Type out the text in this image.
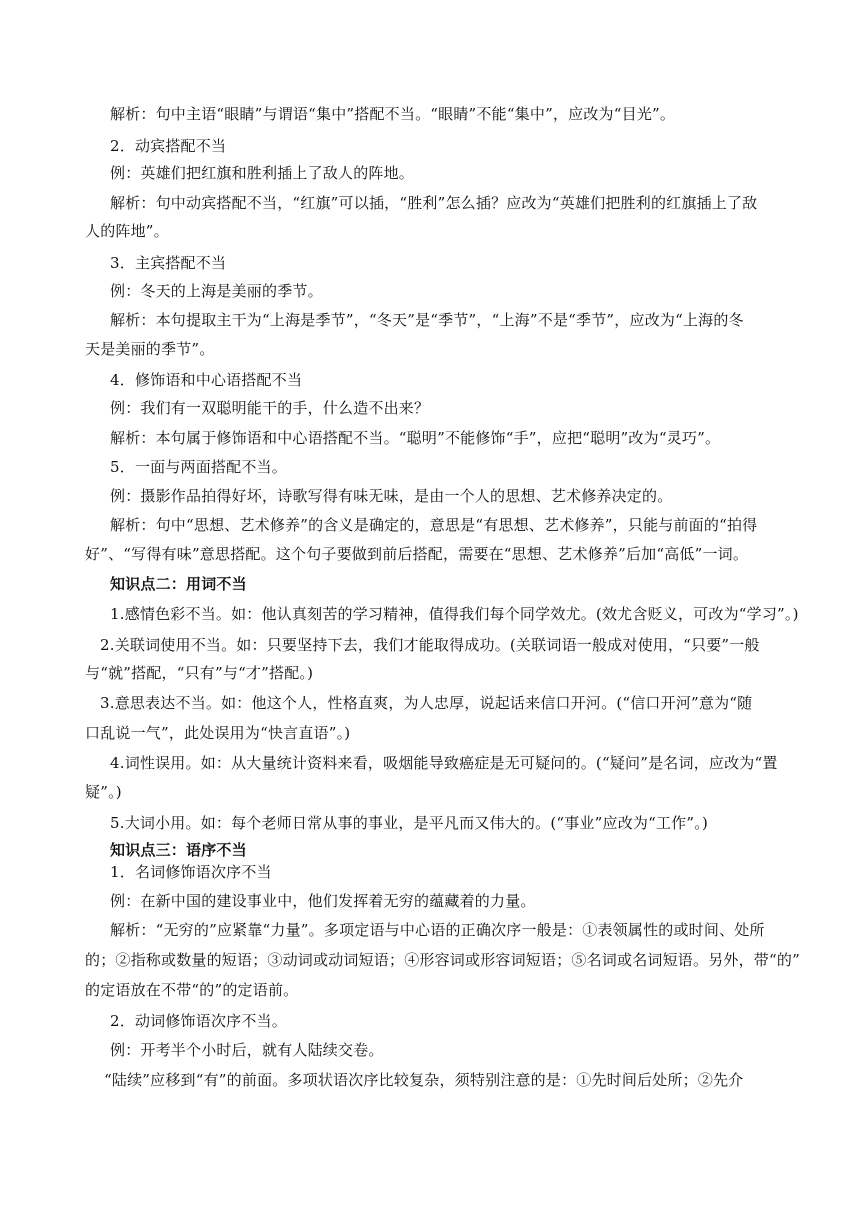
解析：句中主语“眼睛”与谓语“集中”搭配不当。“眼睛”不能“集中”，应改为“目光”。
2．动宾搭配不当
例：英雄们把红旗和胜利插上了敌人的阵地。
解析：句中动宾搭配不当，“红旗”可以插，“胜利”怎么插？应改为“英雄们把胜利的红旗插上了敌
人的阵地”。
3．主宾搭配不当
例：冬天的上海是美丽的季节。
解析：本句提取主干为“上海是季节”，“冬天”是“季节”，“上海”不是“季节”，应改为“上海的冬
天是美丽的季节”。
4．修饰语和中心语搭配不当
例：我们有一双聪明能干的手，什么造不出来？
解析：本句属于修饰语和中心语搭配不当。“聪明”不能修饰“手”，应把“聪明”改为“灵巧”。
5．一面与两面搭配不当。
例：摄影作品拍得好坏，诗歌写得有味无味，是由一个人的思想、艺术修养决定的。
解析：句中“思想、艺术修养”的含义是确定的，意思是“有思想、艺术修养”，只能与前面的“拍得
好”、“写得有味”意思搭配。这个句子要做到前后搭配，需要在“思想、艺术修养”后加“高低”一词。
知识点二：用词不当
1.感情色彩不当。如：他认真刻苦的学习精神，值得我们每个同学效尤。(效尤含贬义，可改为“学习”。)
2.关联词使用不当。如：只要坚持下去，我们才能取得成功。(关联词语一般成对使用，“只要”一般
与“就”搭配，“只有”与“才”搭配。)
3.意思表达不当。如：他这个人，性格直爽，为人忠厚，说起话来信口开河。(“信口开河”意为“随
口乱说一气”，此处误用为“快言直语”。)
4.词性误用。如：从大量统计资料来看，吸烟能导致癌症是无可疑问的。(“疑问”是名词，应改为“置
疑”。)
5.大词小用。如：每个老师日常从事的事业，是平凡而又伟大的。(“事业”应改为“工作”。)
知识点三：语序不当
1．名词修饰语次序不当
例：在新中国的建设事业中，他们发挥着无穷的蕴藏着的力量。
解析：“无穷的”应紧靠“力量”。多项定语与中心语的正确次序一般是：①表领属性的或时间、处所
的；②指称或数量的短语；③动词或动词短语；④形容词或形容词短语；⑤名词或名词短语。另外，带“的”
的定语放在不带“的”的定语前。
2．动词修饰语次序不当。
例：开考半个小时后，就有人陆续交卷。
“陆续”应移到“有”的前面。多项状语次序比较复杂，须特别注意的是：①先时间后处所；②先介
